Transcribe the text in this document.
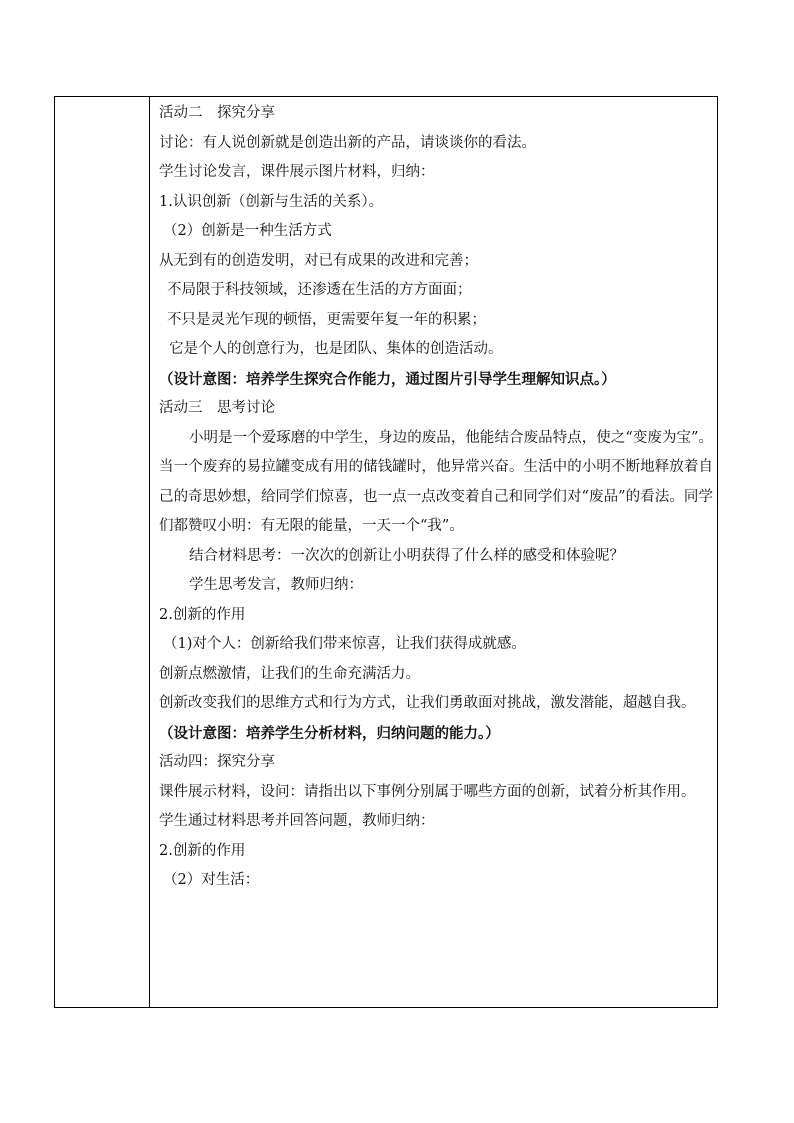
活动二　探究分享
讨论：有人说创新就是创造出新的产品，请谈谈你的看法。
学生讨论发言，课件展示图片材料，归纳：
1.认识创新（创新与生活的关系）。
（2）创新是一种生活方式
从无到有的创造发明，对已有成果的改进和完善；
不局限于科技领域，还渗透在生活的方方面面；
不只是灵光乍现的顿悟，更需要年复一年的积累；
它是个人的创意行为，也是团队、集体的创造活动。
（设计意图：培养学生探究合作能力，通过图片引导学生理解知识点。）
活动三　思考讨论
小明是一个爱琢磨的中学生，身边的废品，他能结合废品特点，使之“变废为宝”。当一个废弃的易拉罐变成有用的储钱罐时，他异常兴奋。生活中的小明不断地释放着自己的奇思妙想，给同学们惊喜，也一点一点改变着自己和同学们对“废品”的看法。同学们都赞叹小明：有无限的能量，一天一个“我”。
结合材料思考：一次次的创新让小明获得了什么样的感受和体验呢？
学生思考发言，教师归纳：
2.创新的作用
（1)对个人：创新给我们带来惊喜，让我们获得成就感。
创新点燃激情，让我们的生命充满活力。
创新改变我们的思维方式和行为方式，让我们勇敢面对挑战，激发潜能，超越自我。
（设计意图：培养学生分析材料，归纳问题的能力。）
活动四：探究分享
课件展示材料，设问：请指出以下事例分别属于哪些方面的创新，试着分析其作用。
学生通过材料思考并回答问题，教师归纳：
2.创新的作用
（2）对生活：
